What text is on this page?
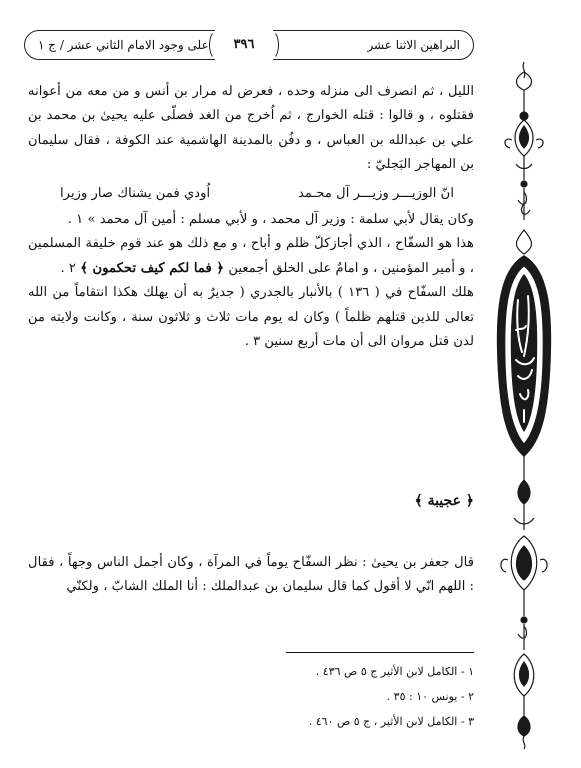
البراهين الاثنا عشر
على وجود الامام الثاني عشر / ج ١ ٣٩٦

الليل ، ثم انصرف الى منزله وحده ، فعرض له مرار بن أنس و من معه من أعوانه فقتلوه ، و قالوا : قتله الخوارج ، ثم اُخرج من الغد فصلّى عليه يحيىٰ بن محمد بن علي بن عبدالله بن العباس ، و دفُن بالمدينة الهاشمية عند الكوفة ، فقال سليمان بن المهاجر البَجليّ :

انّ الوزيـــر وزيـــر آل محـمد
اُودي فمن يشناك صار وزيرا

وكان يقال لأبي سلمة : وزير آل محمد ، و لأبي مسلم : أمين آل محمد » ١ .

هذا هو السفّاح ، الذي أجازكلّ ظلم و أباح ، و مع ذلك هو عند قوم خليفة المسلمين ، و أمير المؤمنين ، و امامٌ على الخلق أجمعين ﴿ فما لكم كيف تحكمون ﴾ ٢ .

هلك السفّاح في ( ١٣٦ ) بالأنبار بالجدري ( جديرٌ به أن يهلك هكذا انتقاماً من الله تعالى للذين قتلهم ظلماً ) وكان له يوم مات ثلاث و ثلاثون سنة ، وكانت ولايته من لدن قتل مروان الى أن مات أربع سنين ٣ .

﴿ عجيبة ﴾

قال جعفر بن يحيىٰ : نظر السفّاح يوماً في المرآة ، وكان أجمل الناس وجهاً ، فقال : اللهم انّي لا أقول كما قال سليمان بن عبدالملك : أنا الملك الشابّ ، ولكنّي

١ - الكامل لابن الأثير ج ٥ ص ٤٣٦ .
٢ - يونس ١٠ : ٣٥ .
٣ - الكامل لابن الأثير ، ج ٥ ص ٤٦٠ .
